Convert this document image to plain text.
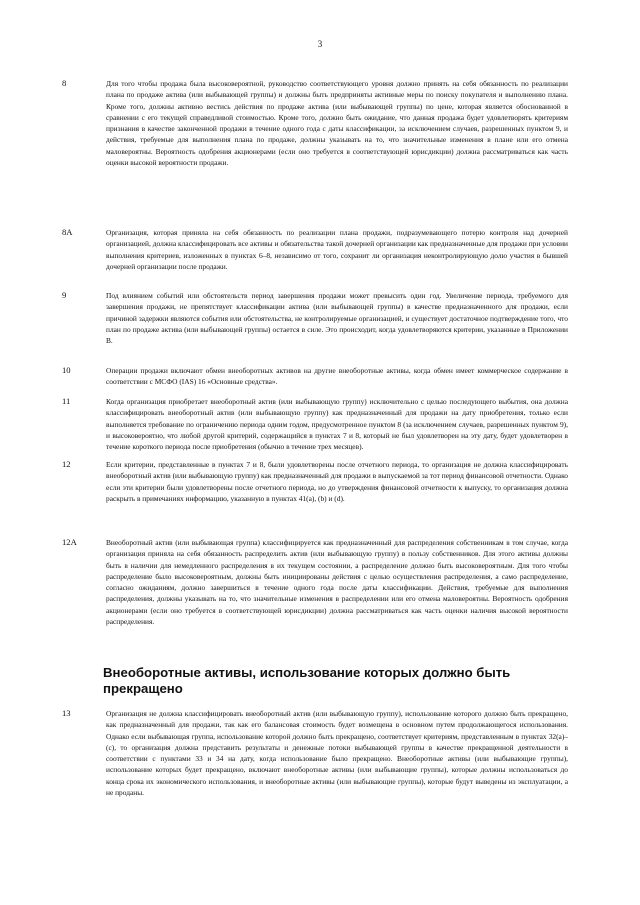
3
8	Для того чтобы продажа была высоковероятной, руководство соответствующего уровня должно принять на себя обязанность по реализации плана по продаже актива (или выбывающей группы) и должны быть предприняты активные меры по поиску покупателя и выполнению плана. Кроме того, должны активно вестись действия по продаже актива (или выбывающей группы) по цене, которая является обоснованной в сравнении с его текущей справедливой стоимостью. Кроме того, должно быть ожидание, что данная продажа будет удовлетворять критериям признания в качестве законченной продажи в течение одного года с даты классификации, за исключением случаев, разрешенных пунктом 9, и действия, требуемые для выполнения плана по продаже, должны указывать на то, что значительные изменения в плане или его отмена маловероятны. Вероятность одобрения акционерами (если оно требуется в соответствующей юрисдикции) должна рассматриваться как часть оценки высокой вероятности продажи.

8А	Организация, которая приняла на себя обязанность по реализации плана продажи, подразумевающего потерю контроля над дочерней организацией, должна классифицировать все активы и обязательства такой дочерней организации как предназначенные для продажи при условии выполнения критериев, изложенных в пунктах 6–8, независимо от того, сохранит ли организация неконтролирующую долю участия в бывшей дочерней организации после продажи.

9	Под влиянием событий или обстоятельств период завершения продажи может превысить один год. Увеличение периода, требуемого для завершения продажи, не препятствует классификации актива (или выбывающей группы) в качестве предназначенного для продажи, если причиной задержки являются события или обстоятельства, не контролируемые организацией, и существует достаточное подтверждение того, что план по продаже актива (или выбывающей группы) остается в силе. Это происходит, когда удовлетворяются критерии, указанные в Приложении В.

10	Операции продажи включают обмен внеоборотных активов на другие внеоборотные активы, когда обмен имеет коммерческое содержание в соответствии с МСФО (IAS) 16 «Основные средства».

11	Когда организация приобретает внеоборотный актив (или выбывающую группу) исключительно с целью последующего выбытия, она должна классифицировать внеоборотный актив (или выбывающую группу) как предназначенный для продажи на дату приобретения, только если выполняется требование по ограничению периода одним годом, предусмотренное пунктом 8 (за исключением случаев, разрешенных пунктом 9), и высоковероятно, что любой другой критерий, содержащийся в пунктах 7 и 8, который не был удовлетворен на эту дату, будет удовлетворен в течение короткого периода после приобретения (обычно в течение трех месяцев).

12	Если критерии, представленные в пунктах 7 и 8, были удовлетворены после отчетного периода, то организация не должна классифицировать внеоборотный актив (или выбывающую группу) как предназначенный для продажи в выпускаемой за тот период финансовой отчетности. Однако если эти критерии были удовлетворены после отчетного периода, но до утверждения финансовой отчетности к выпуску, то организация должна раскрыть в примечаниях информацию, указанную в пунктах 41(а), (b) и (d).

12А	Внеоборотный актив (или выбывающая группа) классифицируется как предназначенный для распределения собственникам в том случае, когда организация приняла на себя обязанность распределить актив (или выбывающую группу) в пользу собственников. Для этого активы должны быть в наличии для немедленного распределения в их текущем состоянии, а распределение должно быть высоковероятным. Для того чтобы распределение было высоковероятным, должны быть инициированы действия с целью осуществления распределения, а само распределение, согласно ожиданиям, должно завершиться в течение одного года после даты классификации. Действия, требуемые для выполнения распределения, должны указывать на то, что значительные изменения в распределении или его отмена маловероятны. Вероятность одобрения акционерами (если оно требуется в соответствующей юрисдикции) должна рассматриваться как часть оценки наличия высокой вероятности распределения.

Внеоборотные активы, использование которых должно быть прекращено
13	Организация не должна классифицировать внеоборотный актив (или выбывающую группу), использование которого должно быть прекращено, как предназначенный для продажи, так как его балансовая стоимость будет возмещена в основном путем продолжающегося использования. Однако если выбывающая группа, использование которой должно быть прекращено, соответствует критериям, представленным в пунктах 32(а)–(с), то организация должна представить результаты и денежные потоки выбывающей группы в качестве прекращенной деятельности в соответствии с пунктами 33 и 34 на дату, когда использование было прекращено. Внеоборотные активы (или выбывающие группы), использование которых будет прекращено, включают внеоборотные активы (или выбывающие группы), которые должны использоваться до конца срока их экономического использования, и внеоборотные активы (или выбывающие группы), которые будут выведены из эксплуатации, а не проданы.
